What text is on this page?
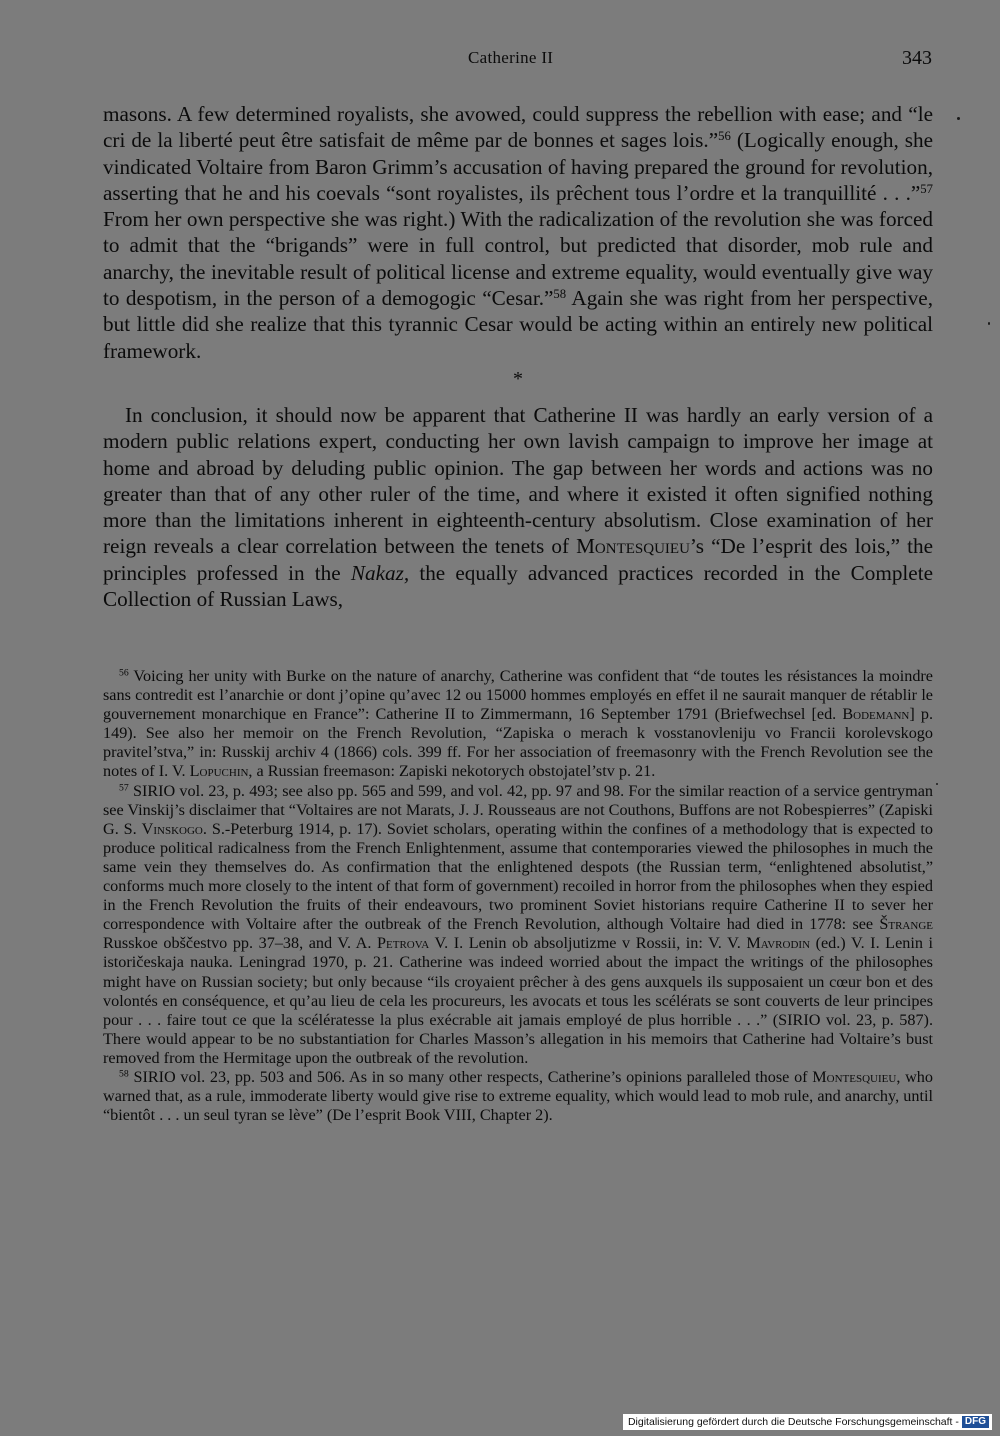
Catherine II	343

masons. A few determined royalists, she avowed, could suppress the rebellion with ease; and “le cri de la liberté peut être satisfait de même par de bonnes et sages lois.”$^{56}$ (Logically enough, she vindicated Voltaire from Baron Grimm’s accusation of having prepared the ground for revolution, asserting that he and his coevals “sont royalistes, ils prêchent tous l’ordre et la tranquillité . . .”$^{57}$ From her own perspective she was right.) With the radicalization of the revolution she was forced to admit that the “brigands” were in full control, but predicted that disorder, mob rule and anarchy, the inevitable result of political license and extreme equality, would eventually give way to despotism, in the person of a demogogic “Cesar.”$^{58}$ Again she was right from her perspective, but little did she realize that this tyrannic Cesar would be acting within an entirely new political framework.

*

In conclusion, it should now be apparent that Catherine II was hardly an early version of a modern public relations expert, conducting her own lavish campaign to improve her image at home and abroad by deluding public opinion. The gap between her words and actions was no greater than that of any other ruler of the time, and where it existed it often signified nothing more than the limitations inherent in eighteenth-century absolutism. Close examination of her reign reveals a clear correlation between the tenets of Montesquieu’s “De l’esprit des lois,” the principles professed in the Nakaz, the equally advanced practices recorded in the Complete Collection of Russian Laws,

$^{56}$ Voicing her unity with Burke on the nature of anarchy, Catherine was confident that “de toutes les résistances la moindre sans contredit est l’anarchie or dont j’opine qu’avec 12 ou 15000 hommes employés en effet il ne saurait manquer de rétablir le gouvernement monarchique en France”: Catherine II to Zimmermann, 16 September 1791 (Briefwechsel [ed. Bodemann] p. 149). See also her memoir on the French Revolution, “Zapiska o merach k vosstanovleniju vo Francii korolevskogo pravitel’stva,” in: Russkij archiv 4 (1866) cols. 399 ff. For her association of freemasonry with the French Revolution see the notes of I. V. Lopuchin, a Russian freemason: Zapiski nekotorych obstojatel’stv p. 21.

$^{57}$ SIRIO vol. 23, p. 493; see also pp. 565 and 599, and vol. 42, pp. 97 and 98. For the similar reaction of a service gentryman see Vinskij’s disclaimer that “Voltaires are not Marats, J. J. Rousseaus are not Couthons, Buffons are not Robespierres” (Zapiski G. S. Vinskogo. S.-Peterburg 1914, p. 17). Soviet scholars, operating within the confines of a methodology that is expected to produce political radicalness from the French Enlightenment, assume that contemporaries viewed the philosophes in much the same vein they themselves do. As confirmation that the enlightened despots (the Russian term, “enlightened absolutist,” conforms much more closely to the intent of that form of government) recoiled in horror from the philosophes when they espied in the French Revolution the fruits of their endeavours, two prominent Soviet historians require Catherine II to sever her correspondence with Voltaire after the outbreak of the French Revolution, although Voltaire had died in 1778: see Štrange Russkoe obščestvo pp. 37–38, and V. A. Petrova V. I. Lenin ob absoljutizme v Rossii, in: V. V. Mavrodin (ed.) V. I. Lenin i istoričeskaja nauka. Leningrad 1970, p. 21. Catherine was indeed worried about the impact the writings of the philosophes might have on Russian society; but only because “ils croyaient prêcher à des gens auxquels ils supposaient un cœur bon et des volontés en conséquence, et qu’au lieu de cela les procureurs, les avocats et tous les scélérats se sont couverts de leur principes pour . . . faire tout ce que la scélératesse la plus exécrable ait jamais employé de plus horrible . . .” (SIRIO vol. 23, p. 587). There would appear to be no substantiation for Charles Masson’s allegation in his memoirs that Catherine had Voltaire’s bust removed from the Hermitage upon the outbreak of the revolution.

$^{58}$ SIRIO vol. 23, pp. 503 and 506. As in so many other respects, Catherine’s opinions paralleled those of Montesquieu, who warned that, as a rule, immoderate liberty would give rise to extreme equality, which would lead to mob rule, and anarchy, until “bientôt . . . un seul tyran se lève” (De l’esprit Book VIII, Chapter 2).

Digitalisierung gefördert durch die Deutsche Forschungsgemeinschaft - DFG
